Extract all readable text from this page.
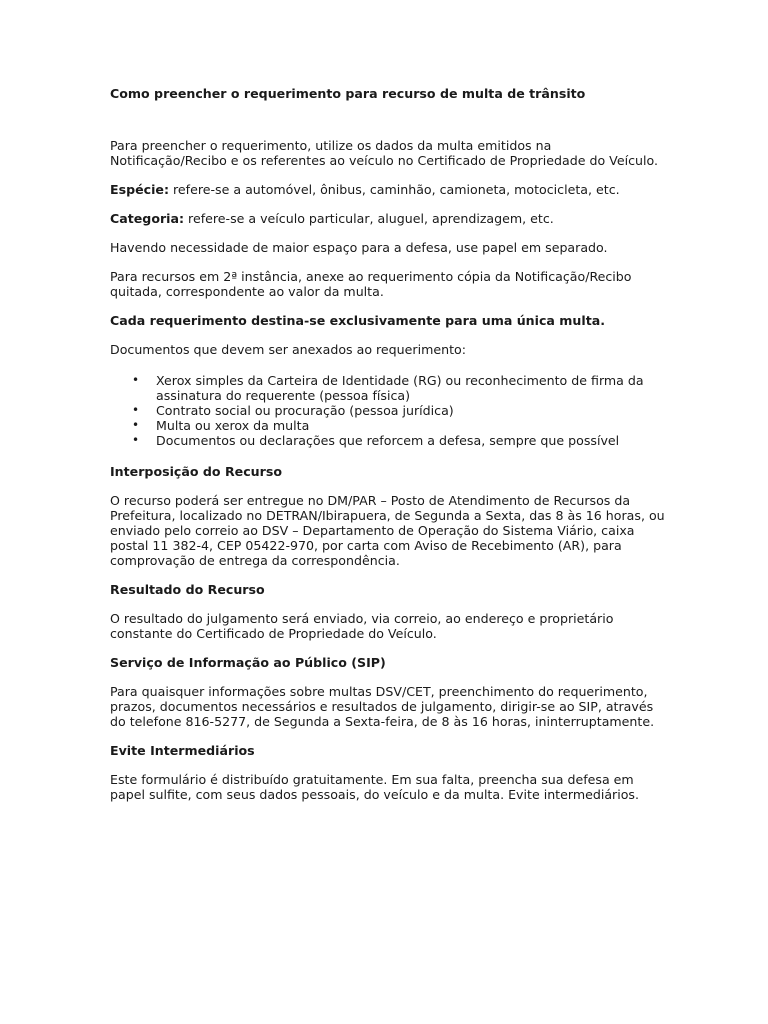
Como preencher o requerimento para recurso de multa de trânsito

Para preencher o requerimento, utilize os dados da multa emitidos na Notificação/Recibo e os referentes ao veículo no Certificado de Propriedade do Veículo.

Espécie: refere-se a automóvel, ônibus, caminhão, camioneta, motocicleta, etc.

Categoria: refere-se a veículo particular, aluguel, aprendizagem, etc.

Havendo necessidade de maior espaço para a defesa, use papel em separado.

Para recursos em 2ª instância, anexe ao requerimento cópia da Notificação/Recibo quitada, correspondente ao valor da multa.

Cada requerimento destina-se exclusivamente para uma única multa.

Documentos que devem ser anexados ao requerimento:

• Xerox simples da Carteira de Identidade (RG) ou reconhecimento de firma da assinatura do requerente (pessoa física)
• Contrato social ou procuração (pessoa jurídica)
• Multa ou xerox da multa
• Documentos ou declarações que reforcem a defesa, sempre que possível
Interposição do Recurso

O recurso poderá ser entregue no DM/PAR – Posto de Atendimento de Recursos da Prefeitura, localizado no DETRAN/Ibirapuera, de Segunda a Sexta, das 8 às 16 horas, ou enviado pelo correio ao DSV – Departamento de Operação do Sistema Viário, caixa postal 11 382-4, CEP 05422-970, por carta com Aviso de Recebimento (AR), para comprovação de entrega da correspondência.

Resultado do Recurso

O resultado do julgamento será enviado, via correio, ao endereço e proprietário constante do Certificado de Propriedade do Veículo.

Serviço de Informação ao Público (SIP)

Para quaisquer informações sobre multas DSV/CET, preenchimento do requerimento, prazos, documentos necessários e resultados de julgamento, dirigir-se ao SIP, através do telefone 816-5277, de Segunda a Sexta-feira, de 8 às 16 horas, ininterruptamente.

Evite Intermediários

Este formulário é distribuído gratuitamente. Em sua falta, preencha sua defesa em papel sulfite, com seus dados pessoais, do veículo e da multa. Evite intermediários.
